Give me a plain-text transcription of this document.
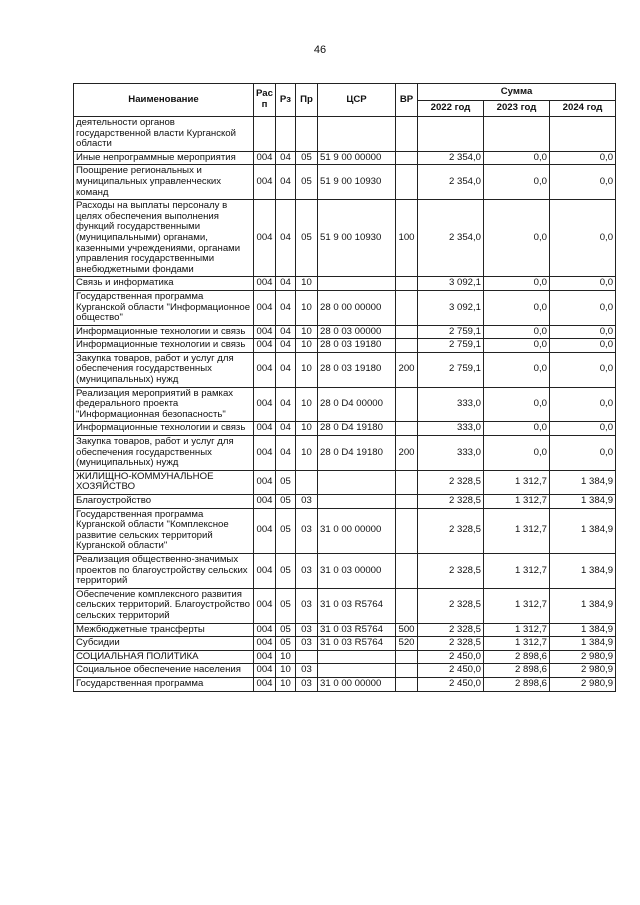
46
Наименование	Рас п	Рз	Пр	ЦСР	ВР	Сумма		
						2022 год	2023 год	2024 год
деятельности органов государственной власти Курганской области								
Иные непрограммные мероприятия	004	04	05	51 9 00 00000		2 354,0	0,0	0,0
Поощрение региональных и муниципальных управленческих команд	004	04	05	51 9 00 10930		2 354,0	0,0	0,0
Расходы на выплаты персоналу в целях обеспечения выполнения функций государственными (муниципальными) органами, казенными учреждениями, органами управления государственными внебюджетными фондами	004	04	05	51 9 00 10930	100	2 354,0	0,0	0,0
Связь и информатика	004	04	10			3 092,1	0,0	0,0
Государственная программа Курганской области "Информационное общество"	004	04	10	28 0 00 00000		3 092,1	0,0	0,0
Информационные технологии и связь	004	04	10	28 0 03 00000		2 759,1	0,0	0,0
Информационные технологии и связь	004	04	10	28 0 03 19180		2 759,1	0,0	0,0
Закупка товаров, работ и услуг для обеспечения государственных (муниципальных) нужд	004	04	10	28 0 03 19180	200	2 759,1	0,0	0,0
Реализация мероприятий в рамках федерального проекта "Информационная безопасность"	004	04	10	28 0 D4 00000		333,0	0,0	0,0
Информационные технологии и связь	004	04	10	28 0 D4 19180		333,0	0,0	0,0
Закупка товаров, работ и услуг для обеспечения государственных (муниципальных) нужд	004	04	10	28 0 D4 19180	200	333,0	0,0	0,0
ЖИЛИЩНО-КОММУНАЛЬНОЕ ХОЗЯЙСТВО	004	05				2 328,5	1 312,7	1 384,9
Благоустройство	004	05	03			2 328,5	1 312,7	1 384,9
Государственная программа Курганской области "Комплексное развитие сельских территорий Курганской области"	004	05	03	31 0 00 00000		2 328,5	1 312,7	1 384,9
Реализация общественно-значимых проектов по благоустройству сельских территорий	004	05	03	31 0 03 00000		2 328,5	1 312,7	1 384,9
Обеспечение комплексного развития сельских территорий. Благоустройство сельских территорий	004	05	03	31 0 03 R5764		2 328,5	1 312,7	1 384,9
Межбюджетные трансферты	004	05	03	31 0 03 R5764	500	2 328,5	1 312,7	1 384,9
Субсидии	004	05	03	31 0 03 R5764	520	2 328,5	1 312,7	1 384,9
СОЦИАЛЬНАЯ ПОЛИТИКА	004	10				2 450,0	2 898,6	2 980,9
Социальное обеспечение населения	004	10	03			2 450,0	2 898,6	2 980,9
Государственная программа	004	10	03	31 0 00 00000		2 450,0	2 898,6	2 980,9
